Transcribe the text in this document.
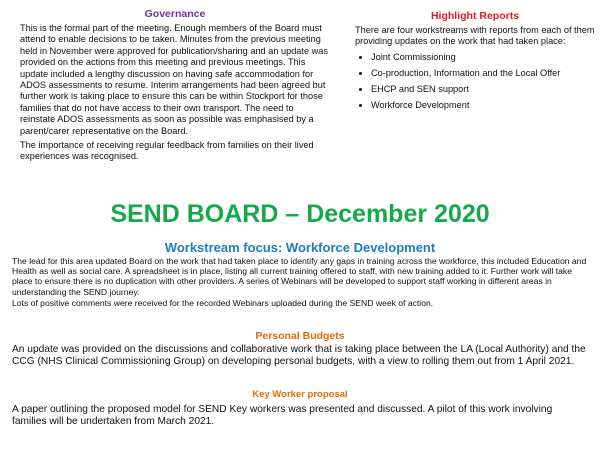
Governance

This is the formal part of the meeting. Enough members of the Board must attend to enable decisions to be taken. Minutes from the previous meeting held in November were approved for publication/sharing and an update was provided on the actions from this meeting and previous meetings. This update included a lengthy discussion on having safe accommodation for ADOS assessments to resume. Interim arrangements had been agreed but further work is taking place to ensure this can be within Stockport for those families that do not have access to their own transport. The need to reinstate ADOS assessments as soon as possible was emphasised by a parent/carer representative on the Board.

The importance of receiving regular feedback from families on their lived experiences was recognised.

Highlight Reports

There are four workstreams with reports from each of them providing updates on the work that had taken place:

• Joint Commissioning
• Co-production, Information and the Local Offer
• EHCP and SEN support
• Workforce Development
SEND BOARD – December 2020
Workstream focus: Workforce Development

The lead for this area updated Board on the work that had taken place to identify any gaps in training across the workforce, this included Education and Health as well as social care. A spreadsheet is in place, listing all current training offered to staff, with new training added to it. Further work will take place to ensure there is no duplication with other providers. A series of Webinars will be developed to support staff working in different areas in understanding the SEND journey.

Lots of positive comments were received for the recorded Webinars uploaded during the SEND week of action.

Personal Budgets

An update was provided on the discussions and collaborative work that is taking place between the LA (Local Authority) and the CCG (NHS Clinical Commissioning Group) on developing personal budgets, with a view to rolling them out from 1 April 2021.

Key Worker proposal

A paper outlining the proposed model for SEND Key workers was presented and discussed. A pilot of this work involving families will be undertaken from March 2021.
